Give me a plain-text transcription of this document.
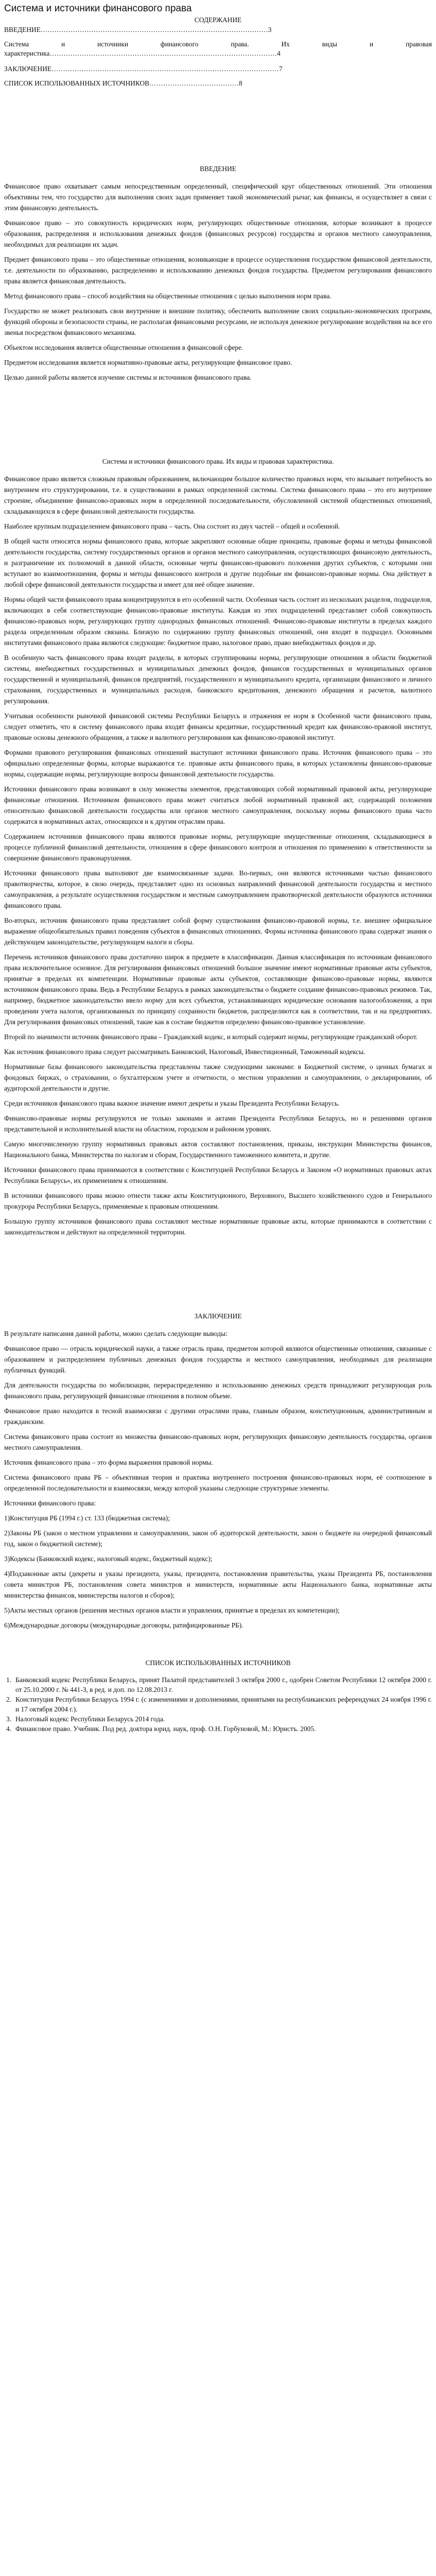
Система и источники финансового права
СОДЕРЖАНИЕ
ВВЕДЕНИЕ………………………………………………………………………………………3
Система и источники финансового права. Их виды и правовая характеристика………………………………………………………………………………………4
ЗАКЛЮЧЕНИЕ………………………………………………………………………………………7
СПИСОК ИСПОЛЬЗОВАННЫХ ИСТОЧНИКОВ…………………………………8
ВВЕДЕНИЕ

Финансовое право охватывает самым непосредственным определенный, специфический круг общественных отношений. Эти отношения объективны тем, что государство для выполнения своих задач применяет такой экономический рычаг, как финансы, и осуществляет в связи с этим финансовую деятельность.

Финансовое право – это совокупность юридических норм, регулирующих общественные отношения, которые возникают в процессе образования, распределения и использования денежных фондов (финансовых ресурсов) государства и органов местного самоуправления, необходимых для реализации их задач.

Предмет финансового права – это общественные отношения, возникающие в процессе осуществления государством финансовой деятельности, т.е. деятельности по образованию, распределению и использованию денежных фондов государства. Предметом регулирования финансового права является финансовая деятельность.

Метод финансового права – способ воздействия на общественные отношения с целью выполнения норм права.

Государство не может реализовать свои внутренние и внешние политику, обеспечить выполнение своих социально-экономических программ, функций обороны и безопасности страны, не располагая финансовыми ресурсами, не используя денежное регулирование воздействия на все его звенья посредством финансового механизма.

Объектом исследования является общественные отношения в финансовой сфере.

Предметом исследования является нормативно-правовые акты, регулирующие финансовое право.

Целью данной работы является изучение системы и источников финансового права.

Система и источники финансового права. Их виды и правовая характеристика.

Финансовое право является сложным правовым образованием, включающим большое количество правовых норм, что вызывает потребность во внутреннем его структурировании, т.е. в существовании в рамках определенной системы. Система финансового права – это его внутреннее строение, объединение финансово-правовых норм в определенной последовательности, обусловленной системой общественных отношений, складывающихся в сфере финансовой деятельности государства.

Наиболее крупным подразделением финансового права – часть. Она состоит из двух частей – общей и особенной.

В общей части относятся нормы финансового права, которые закрепляют основные общие принципы, правовые формы и методы финансовой деятельности государства, систему государственных органов и органов местного самоуправления, осуществляющих финансовую деятельность, и разграничение их полномочий в данной области, основные черты финансово-правового положения других субъектов, с которыми они вступают во взаимоотношения, формы и методы финансового контроля и другие подобные им финансово-правовые нормы. Она действует в любой сфере финансовой деятельности государства и имеет для неё общее значение.

Нормы общей части финансового права концентрируются в его особенной части. Особенная часть состоит из нескольких разделов, подразделов, включающих в себя соответствующие финансово-правовые институты. Каждая из этих подразделений представляет собой совокупность финансово-правовых норм, регулирующих группу однородных финансовых отношений. Финансово-правовые институты в пределах каждого раздела определенным образом связаны. Близкую по содержанию группу финансовых отношений, они входят в подраздел. Основными институтами финансового права являются следующие: бюджетное право, налоговое право, право внебюджетных фондов и др.

В особенную часть финансового права входят разделы, в которых сгруппированы нормы, регулирующие отношения в области бюджетной системы, внебюджетных государственных и муниципальных денежных фондов, финансов государственных и муниципальных органов государственной и муниципальной, финансов предприятий, государственного и муниципального кредита, организации финансового и личного страхования, государственных и муниципальных расходов, банковского кредитования, денежного обращения и расчетов, валютного регулирования.

Учитывая особенности рыночной финансовой системы Республики Беларусь и отражения ее норм в Особенной части финансового права, следует отметить, что в систему финансового права входят финансы кредитные, государственный кредит как финансово-правовой институт, правовые основы денежного обращения, а также и валютного регулирования как финансово-правовой институт.

Формами правового регулирования финансовых отношений выступают источники финансового права. Источник финансового права – это официально определенные формы, которые выражаются т.е. правовые акты финансового права, в которых установлены финансово-правовые нормы, содержащие нормы, регулирующие вопросы финансовой деятельности государства.

Источники финансового права возникают в силу множества элементов, представляющих собой нормативный правовой акты, регулирующие финансовые отношения. Источником финансового права может считаться любой нормативный правовой акт, содержащий положения относительно финансовой деятельности государства или органов местного самоуправления, поскольку нормы финансового права часто содержатся в нормативных актах, относящихся и к другим отраслям права.

Содержанием источников финансового права являются правовые нормы, регулирующие имущественные отношения, складывающиеся в процессе публичной финансовой деятельности, отношения в сфере финансового контроля и отношения по применению к ответственности за совершение финансового правонарушения.

Источники финансового права выполняют две взаимосвязанные задачи. Во-первых, они являются источниками частью финансового правотворчества, которое, в свою очередь, представляет одно из основных направлений финансовой деятельности государства и местного самоуправления, а результате осуществления государством и местным самоуправлением правотворческой деятельности образуются источники финансового права.

Во-вторых, источник финансового права представляет собой форму существования финансово-правовой нормы, т.е. внешнее официальное выражение общеобязательных правил поведения субъектов в финансовых отношениях. Формы источника финансового права содержат знания о действующем законодательстве, регулирующем налоги и сборы.

Перечень источников финансового права достаточно широк в предмете в классификации. Данная классификация по источникам финансового права исключительное основное. Для регулирования финансовых отношений большое значение имеют нормативные правовые акты субъектов, принятые в пределах их компетенции. Нормативные правовые акты субъектов, составляющие финансово-правовые нормы, являются источником финансового права. Ведь в Республике Беларусь в рамках законодательства о бюджете создание финансово-правовых режимов. Так, например, бюджетное законодательство ввело норму для всех субъектов, устанавливающих юридические основания налогообложения, а при проведении учета налогов, организованных по принципу сохранности бюджетов, распределяются как в соответствии, так и на предприятиях. Для регулирования финансовых отношений, такие как в составе бюджетов определено финансово-правовое установление.

Второй по значимости источник финансового права – Гражданский кодекс, и который содержит нормы, регулирующие гражданский оборот.

Как источник финансового права следует рассматривать Банковский, Налоговый, Инвестиционный, Таможенный кодексы.

Нормативные базы финансового законодательства представлены также следующими законами: в Бюджетной системе, о ценных бумагах и фондовых биржах, о страховании, о бухгалтерском учете и отчетности, о местном управлении и самоуправлении, о декларировании, об аудиторской деятельности и другие.

Среди источников финансового права важное значение имеют декреты и указы Президента Республики Беларусь.

Финансово-правовые нормы регулируются не только законами и актами Президента Республики Беларусь, но и решениями органов представительной и исполнительной власти на областном, городском и районном уровнях.

Самую многочисленную группу нормативных правовых актов составляют постановления, приказы, инструкции Министерства финансов, Национального банка, Министерства по налогам и сборам, Государственного таможенного комитета, и другие.

Источники финансового права принимаются в соответствии с Конституцией Республики Беларусь и Законом «О нормативных правовых актах Республики Беларусь», их применением к отношениям.

В источники финансового права можно отнести также акты Конституционного, Верховного, Высшего хозяйственного судов и Генерального прокурора Республики Беларусь, применяемые к правовым отношениям.

Большую группу источников финансового права составляют местные нормативные правовые акты, которые принимаются в соответствии с законодательством и действуют на определенной территории.

ЗАКЛЮЧЕНИЕ

В результате написания данной работы, можно сделать следующие выводы:

Финансовое право — отрасль юридической науки, а также отрасль права, предметом которой являются общественные отношения, связанные с образованием и распределением публичных денежных фондов государства и местного самоуправления, необходимых для реализации публичных функций.

Для деятельности государства по мобилизации, перераспределению и использованию денежных средств принадлежит регулирующая роль финансового права, регулирующей финансовые отношения в полном объеме.

Финансовое право находится в тесной взаимосвязи с другими отраслями права, главным образом, конституционным, административным и гражданским.

Система финансового права состоит из множества финансово-правовых норм, регулирующих финансовую деятельность государства, органов местного самоуправления.

Источник финансового права – это форма выражения правовой нормы.

Система финансового права РБ – объективная теория и практика внутреннего построения финансово-правовых норм, её соотношение в определенной последовательности и взаимосвязи, между которой указаны следующие структурные элементы.

Источники финансового права:

1)Конституция РБ (1994 г.) ст. 133 (бюджетная система);

2)Законы РБ (закон о местном управлении и самоуправлении, закон об аудиторской деятельности, закон о бюджете на очередной финансовый год, закон о бюджетной системе);

3)Кодексы (Банковский кодекс, налоговый кодекс, бюджетный кодекс);

4)Подзаконные акты (декреты и указы президента, указы, президента, постановления правительства, указы Президента РБ, постановления совета министров РБ, постановления совета министров и министерств, нормативные акты Национального банка, нормативные акты министерства финансов, министерства налогов и сборов);

5)Акты местных органов (решения местных органов власти и управления, принятые в пределах их компетенции);

6)Международные договоры (международные договоры, ратифицированные РБ).

СПИСОК ИСПОЛЬЗОВАННЫХ ИСТОЧНИКОВ
1. Банковский кодекс Республики Беларусь, принят Палатой представителей 3 октября 2000 г., одобрен Советом Республики 12 октября 2000 г. от 25.10.2000 г. № 441-З, в ред. и доп. по 12.08.2013 г.
2. Конституция Республики Беларусь 1994 г. (с изменениями и дополнениями, принятыми на республиканских референдумах 24 ноября 1996 г. и 17 октября 2004 г.).
3. Налоговый кодекс Республики Беларусь 2014 года.
4. Финансовое право. Учебник. Под ред. доктора юрид. наук, проф. О.Н. Горбуновой, М.: Юристъ. 2005.
